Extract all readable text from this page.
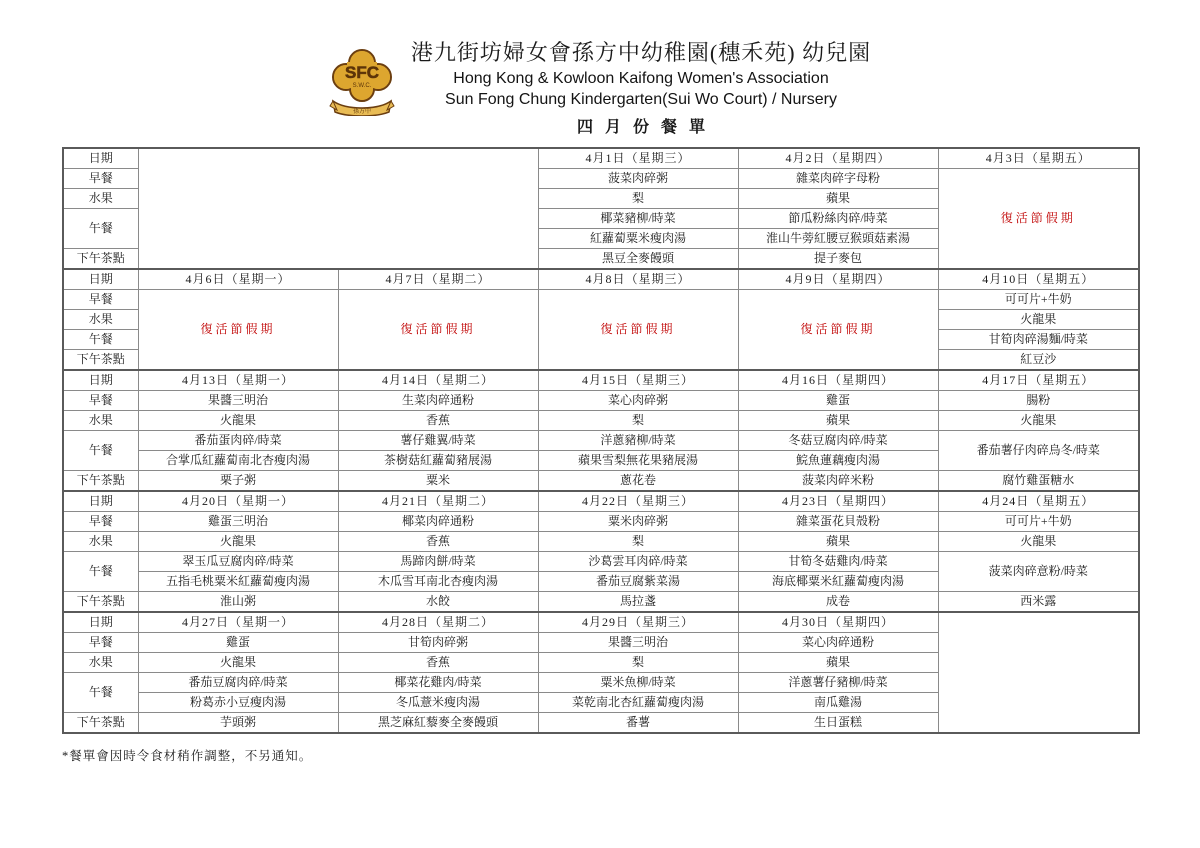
SFC
S.W.C.
孫方中
港九街坊婦女會孫方中幼稚園(穗禾苑) 幼兒園
Hong Kong & Kowloon Kaifong Women's Association
Sun Fong Chung Kindergarten(Sui Wo Court) / Nursery
四月份餐單
日期			4月1日（星期三）	4月2日（星期四）	4月3日（星期五）
早餐			菠菜肉碎粥	雜菜肉碎字母粉	復活節假期
水果			梨	蘋果	
午餐			椰菜豬柳/時菜	節瓜粉絲肉碎/時菜	
			紅蘿蔔粟米瘦肉湯	淮山牛蒡紅腰豆猴頭菇素湯	
下午茶點			黑豆全麥饅頭	提子麥包	
日期	4月6日（星期一）	4月7日（星期二）	4月8日（星期三）	4月9日（星期四）	4月10日（星期五）
早餐	復活節假期	復活節假期	復活節假期	復活節假期	可可片+牛奶
水果					火龍果
午餐					甘筍肉碎湯麵/時菜

下午茶點					紅豆沙
日期	4月13日（星期一）	4月14日（星期二）	4月15日（星期三）	4月16日（星期四）	4月17日（星期五）
早餐	果醬三明治	生菜肉碎通粉	菜心肉碎粥	雞蛋	腸粉
水果	火龍果	香蕉	梨	蘋果	火龍果
午餐	番茄蛋肉碎/時菜	薯仔雞翼/時菜	洋蔥豬柳/時菜	冬菇豆腐肉碎/時菜	番茄薯仔肉碎烏冬/時菜
	合掌瓜紅蘿蔔南北杏瘦肉湯	茶樹菇紅蘿蔔豬展湯	蘋果雪梨無花果豬展湯	鯇魚蓮藕瘦肉湯	
下午茶點	栗子粥	粟米	蔥花卷	菠菜肉碎米粉	腐竹雞蛋糖水
日期	4月20日（星期一）	4月21日（星期二）	4月22日（星期三）	4月23日（星期四）	4月24日（星期五）
早餐	雞蛋三明治	椰菜肉碎通粉	粟米肉碎粥	雜菜蛋花貝殼粉	可可片+牛奶
水果	火龍果	香蕉	梨	蘋果	火龍果
午餐	翠玉瓜豆腐肉碎/時菜	馬蹄肉餅/時菜	沙葛雲耳肉碎/時菜	甘筍冬菇雞肉/時菜	菠菜肉碎意粉/時菜
	五指毛桃粟米紅蘿蔔瘦肉湯	木瓜雪耳南北杏瘦肉湯	番茄豆腐紫菜湯	海底椰粟米紅蘿蔔瘦肉湯	
下午茶點	淮山粥	水餃	馬拉盞	成卷	西米露
日期	4月27日（星期一）	4月28日（星期二）	4月29日（星期三）	4月30日（星期四）	
早餐	雞蛋	甘筍肉碎粥	果醬三明治	菜心肉碎通粉	
水果	火龍果	香蕉	梨	蘋果	
午餐	番茄豆腐肉碎/時菜	椰菜花雞肉/時菜	粟米魚柳/時菜	洋蔥薯仔豬柳/時菜	
	粉葛赤小豆瘦肉湯	冬瓜薏米瘦肉湯	菜乾南北杏紅蘿蔔瘦肉湯	南瓜雞湯	
下午茶點	芋頭粥	黑芝麻紅藜麥全麥饅頭	番薯	生日蛋糕	
*餐單會因時令食材稍作調整，不另通知。
